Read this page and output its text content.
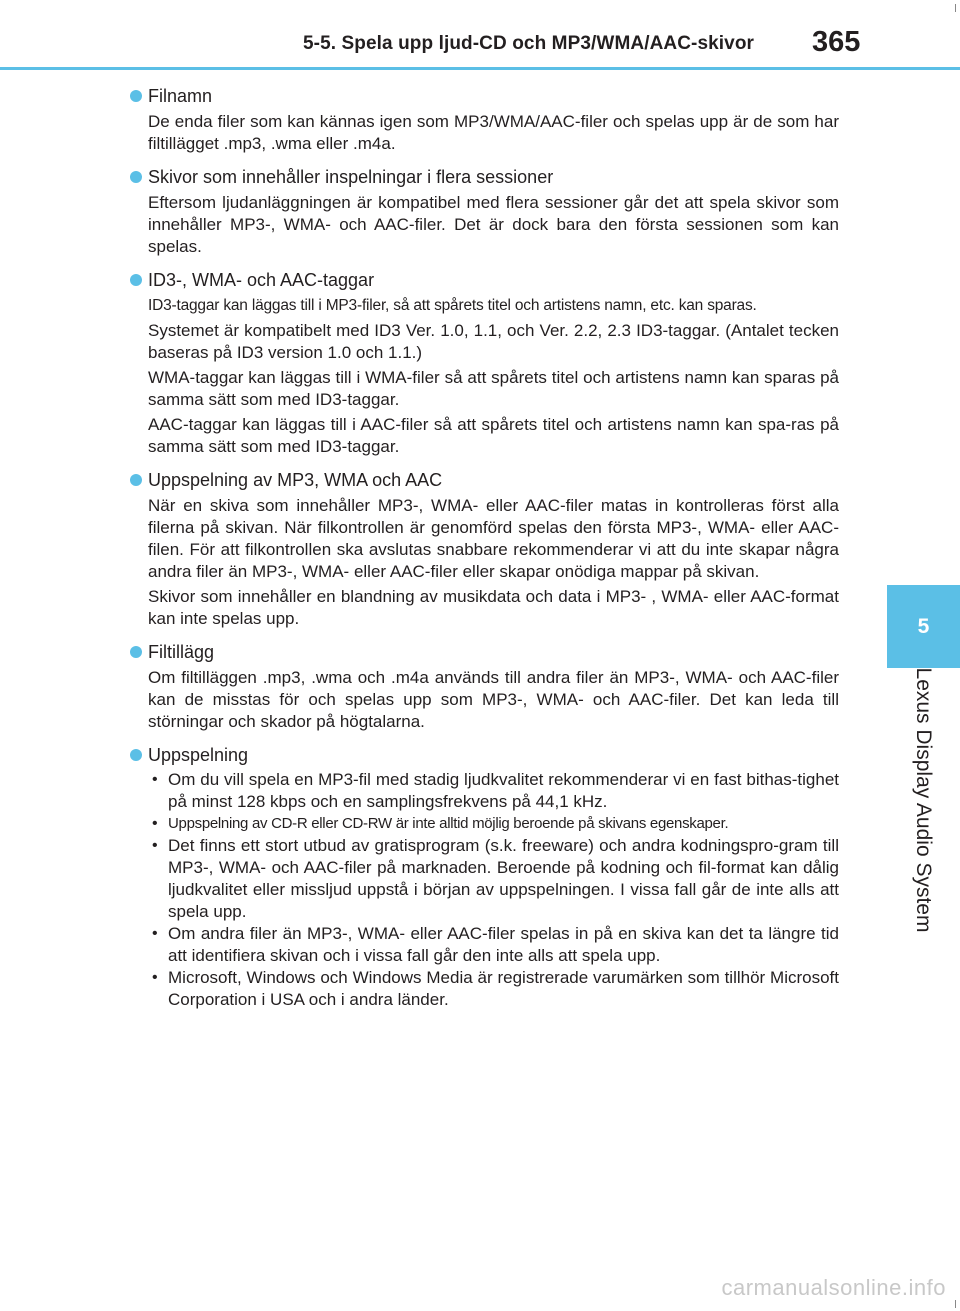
5-5. Spela upp ljud-CD och MP3/WMA/AAC-skivor 365
5
Lexus Display Audio System
Filnamn
De enda filer som kan kännas igen som MP3/WMA/AAC-filer och spelas upp är de som har filtillägget .mp3, .wma eller .m4a.
Skivor som innehåller inspelningar i flera sessioner
Eftersom ljudanläggningen är kompatibel med flera sessioner går det att spela skivor som innehåller MP3-, WMA- och AAC-filer. Det är dock bara den första sessionen som kan spelas.
ID3-, WMA- och AAC-taggar
ID3-taggar kan läggas till i MP3-filer, så att spårets titel och artistens namn, etc. kan sparas.
Systemet är kompatibelt med ID3 Ver. 1.0, 1.1, och Ver. 2.2, 2.3 ID3-taggar. (Antalet tecken baseras på ID3 version 1.0 och 1.1.)
WMA-taggar kan läggas till i WMA-filer så att spårets titel och artistens namn kan sparas på samma sätt som med ID3-taggar.
AAC-taggar kan läggas till i AAC-filer så att spårets titel och artistens namn kan spa-ras på samma sätt som med ID3-taggar.
Uppspelning av MP3, WMA och AAC
När en skiva som innehåller MP3-, WMA- eller AAC-filer matas in kontrolleras först alla filerna på skivan. När filkontrollen är genomförd spelas den första MP3-, WMA- eller AAC-filen. För att filkontrollen ska avslutas snabbare rekommenderar vi att du inte skapar några andra filer än MP3-, WMA- eller AAC-filer eller skapar onödiga mappar på skivan.
Skivor som innehåller en blandning av musikdata och data i MP3- , WMA- eller AAC-format kan inte spelas upp.
Filtillägg
Om filtilläggen .mp3, .wma och .m4a används till andra filer än MP3-, WMA- och AAC-filer kan de misstas för och spelas upp som MP3-, WMA- och AAC-filer. Det kan leda till störningar och skador på högtalarna.
Uppspelning
• Om du vill spela en MP3-fil med stadig ljudkvalitet rekommenderar vi en fast bithas-tighet på minst 128 kbps och en samplingsfrekvens på 44,1 kHz.
• Uppspelning av CD-R eller CD-RW är inte alltid möjlig beroende på skivans egenskaper.
• Det finns ett stort utbud av gratisprogram (s.k. freeware) och andra kodningspro-gram till MP3-, WMA- och AAC-filer på marknaden. Beroende på kodning och fil-format kan dålig ljudkvalitet eller missljud uppstå i början av uppspelningen. I vissa fall går de inte alls att spela upp.
• Om andra filer än MP3-, WMA- eller AAC-filer spelas in på en skiva kan det ta längre tid att identifiera skivan och i vissa fall går den inte alls att spela upp.
• Microsoft, Windows och Windows Media är registrerade varumärken som tillhör Microsoft Corporation i USA och i andra länder.
carmanualsonline.info
